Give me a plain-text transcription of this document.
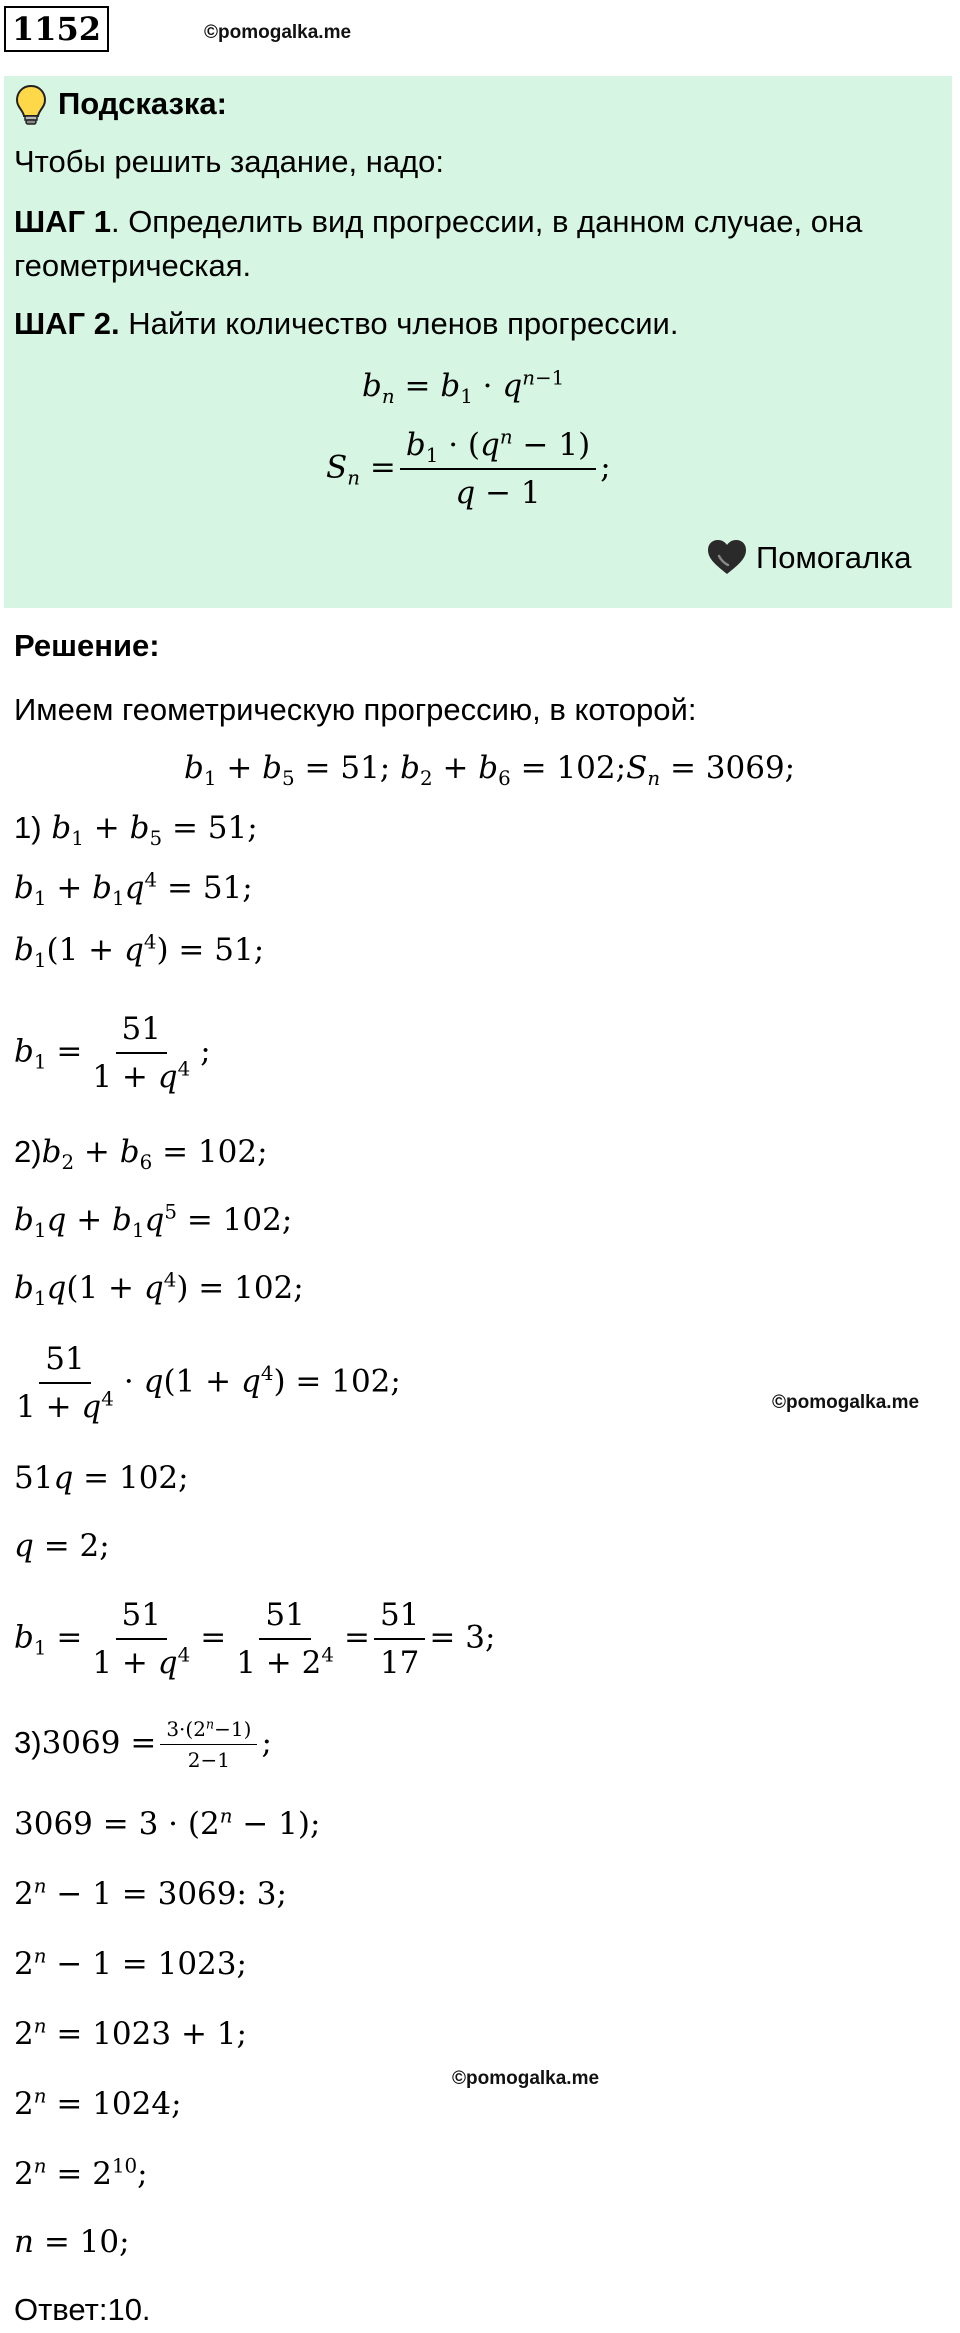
1152	©pomogalka.me
Подсказка:
Чтобы решить задание, надо:
ШАГ 1. Определить вид прогрессии, в данном случае, она
геометрическая.
ШАГ 2. Найти количество членов прогрессии.
$b_n = b_1 \cdot q^{n-1}$
$S_n = \frac{b_1 \cdot (q^n - 1)}{q - 1}$ ;
Помогалка
Решение:
Имеем геометрическую прогрессию, в которой:
$b_1 + b_5 = 51$; $b_2 + b_6$ = $102;S_n = 3069$;
1) $b_1 + b_5 = 51$;
$b_1 + b_1q^4 = 51$;
$b_1(1 + q^4) = 51$;
$b_1 = \frac{51}{1 + q^4}$ ;
$2)b_2 + b_6 = 102$;
$b_1q + b_1q^5 = 102$;
$b_1q(1 + q^4) = 102$;
$\frac{51}{1 + q^4} \cdot q(1 + q^4) = 102$;
©pomogalka.me
51q = 102;
q = 2;
$b_1 = \frac{51}{1 + q^4} = \frac{51}{1 + 2^4} = \frac{51}{17} = 3$;
$3)3069 = \frac{3\cdot(2^n-1)}{2-1}$ ;
$3069 = 3 \cdot (2^n - 1)$;
$2^n - 1 = 3069$: 3;
$2^n - 1 = 1023$;
$2^n = 1023 + 1$;
©pomogalka.me
$2^n = 1024$;
$2^n = 2^{10}$;
n = 10;
Ответ:10.
